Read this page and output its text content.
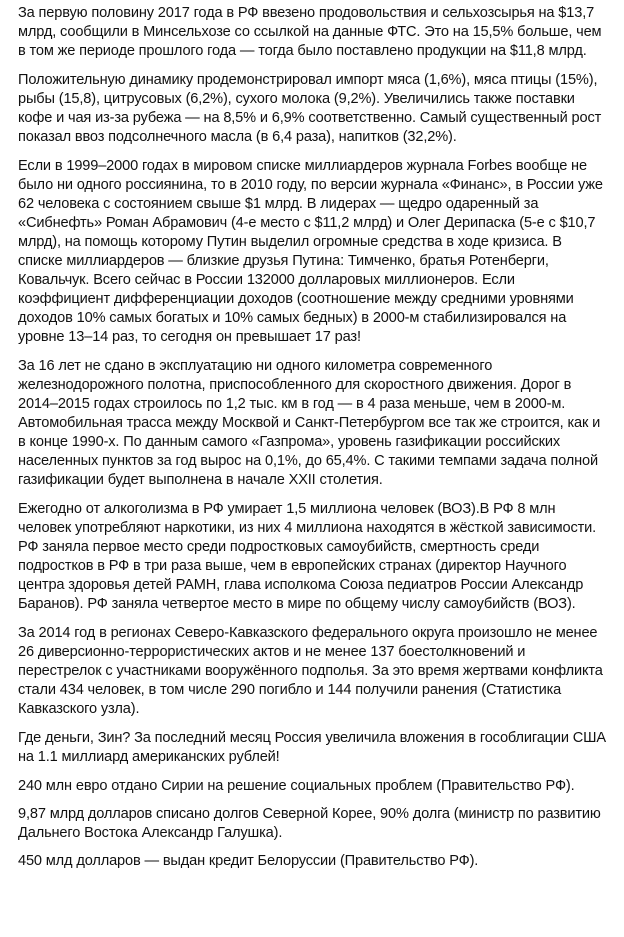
За первую половину 2017 года в РФ ввезено продовольствия и сельхозсырья на $13,7 млрд, сообщили в Минсельхозе со ссылкой на данные ФТС. Это на 15,5% больше, чем в том же периоде прошлого года — тогда было поставлено продукции на $11,8 млрд.

Положительную динамику продемонстрировал импорт мяса (1,6%), мяса птицы (15%), рыбы (15,8), цитрусовых (6,2%), сухого молока (9,2%). Увеличились также поставки кофе и чая из-за рубежа — на 8,5% и 6,9% соответственно. Самый существенный рост показал ввоз подсолнечного масла (в 6,4 раза), напитков (32,2%).

Если в 1999–2000 годах в мировом списке миллиардеров журнала Forbes вообще не было ни одного россиянина, то в 2010 году, по версии журнала «Финанс», в России уже 62 человека с состоянием свыше $1 млрд. В лидерах — щедро одаренный за «Сибнефть» Роман Абрамович (4-е место с $11,2 млрд) и Олег Дерипаска (5-е с $10,7 млрд), на помощь которому Путин выделил огромные средства в ходе кризиса. В списке миллиардеров — близкие друзья Путина: Тимченко, братья Ротенберги, Ковальчук. Всего сейчас в России 132000 долларовых миллионеров. Если коэффициент дифференциации доходов (соотношение между средними уровнями доходов 10% самых богатых и 10% самых бедных) в 2000-м стабилизировался на уровне 13–14 раз, то сегодня он превышает 17 раз!

За 16 лет не сдано в эксплуатацию ни одного километра современного железнодорожного полотна, приспособленного для скоростного движения. Дорог в 2014–2015 годах строилось по 1,2 тыс. км в год — в 4 раза меньше, чем в 2000-м. Автомобильная трасса между Москвой и Санкт-Петербургом все так же строится, как и в конце 1990-х. По данным самого «Газпрома», уровень газификации российских населенных пунктов за год вырос на 0,1%, до 65,4%. С такими темпами задача полной газификации будет выполнена в начале XXII столетия.

Ежегодно от алкоголизма в РФ умирает 1,5 миллиона человек (ВОЗ).В РФ 8 млн человек употребляют наркотики, из них 4 миллиона находятся в жёсткой зависимости. РФ заняла первое место среди подростковых самоубийств, смертность среди подростков в РФ в три раза выше, чем в европейских странах (директор Научного центра здоровья детей РАМН, глава исполкома Союза педиатров России Александр Баранов). РФ заняла четвертое место в мире по общему числу самоубийств (ВОЗ).

За 2014 год в регионах Северо-Кавказского федерального округа произошло не менее 26 диверсионно-террористических актов и не менее 137 боестолкновений и перестрелок с участниками вооружённого подполья. За это время жертвами конфликта стали 434 человек, в том числе 290 погибло и 144 получили ранения (Статистика Кавказского узла).

Где деньги, Зин? За последний месяц Россия увеличила вложения в гособлигации США на 1.1 миллиард американских рублей!

240 млн евро отдано Сирии на решение социальных проблем (Правительство РФ).

9,87 млрд долларов списано долгов Северной Корее, 90% долга (министр по развитию Дальнего Востока Александр Галушка).

450 млд долларов — выдан кредит Белоруссии (Правительство РФ).
